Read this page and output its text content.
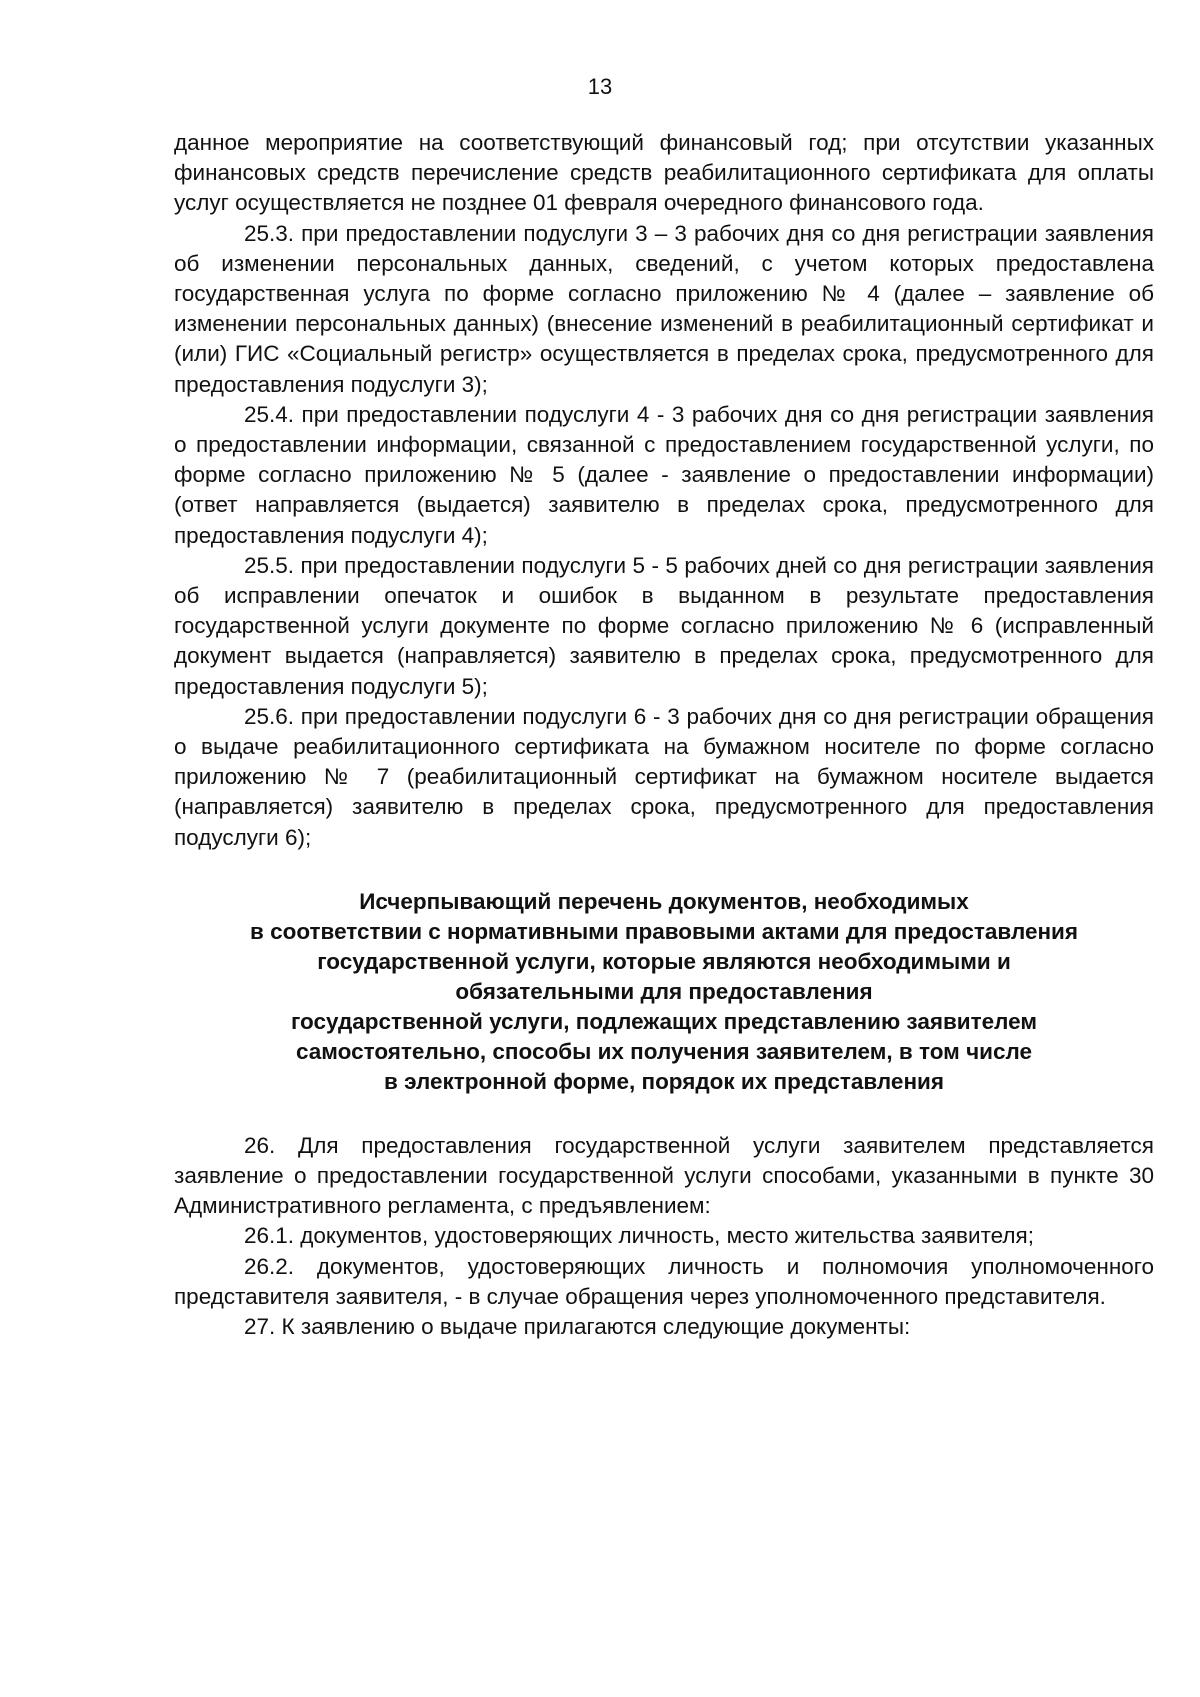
13

данное мероприятие на соответствующий финансовый год; при отсутствии указанных финансовых средств перечисление средств реабилитационного сертификата для оплаты услуг осуществляется не позднее 01 февраля очередного финансового года.

25.3. при предоставлении подуслуги 3 – 3 рабочих дня со дня регистрации заявления об изменении персональных данных, сведений, с учетом которых предоставлена государственная услуга по форме согласно приложению № 4 (далее – заявление об изменении персональных данных) (внесение изменений в реабилитационный сертификат и (или) ГИС «Социальный регистр» осуществляется в пределах срока, предусмотренного для предоставления подуслуги 3);

25.4. при предоставлении подуслуги 4 - 3 рабочих дня со дня регистрации заявления о предоставлении информации, связанной с предоставлением государственной услуги, по форме согласно приложению № 5 (далее - заявление о предоставлении информации) (ответ направляется (выдается) заявителю в пределах срока, предусмотренного для предоставления подуслуги 4);

25.5. при предоставлении подуслуги 5 - 5 рабочих дней со дня регистрации заявления об исправлении опечаток и ошибок в выданном в результате предоставления государственной услуги документе по форме согласно приложению № 6 (исправленный документ выдается (направляется) заявителю в пределах срока, предусмотренного для предоставления подуслуги 5);

25.6. при предоставлении подуслуги 6 - 3 рабочих дня со дня регистрации обращения о выдаче реабилитационного сертификата на бумажном носителе по форме согласно приложению № 7 (реабилитационный сертификат на бумажном носителе выдается (направляется) заявителю в пределах срока, предусмотренного для предоставления подуслуги 6);

Исчерпывающий перечень документов, необходимых
в соответствии с нормативными правовыми актами для предоставления
государственной услуги, которые являются необходимыми и
обязательными для предоставления
государственной услуги, подлежащих представлению заявителем
самостоятельно, способы их получения заявителем, в том числе
в электронной форме, порядок их представления

26. Для предоставления государственной услуги заявителем представляется заявление о предоставлении государственной услуги способами, указанными в пункте 30 Административного регламента, с предъявлением:

26.1. документов, удостоверяющих личность, место жительства заявителя;

26.2. документов, удостоверяющих личность и полномочия уполномоченного представителя заявителя, - в случае обращения через уполномоченного представителя.

27. К заявлению о выдаче прилагаются следующие документы:
